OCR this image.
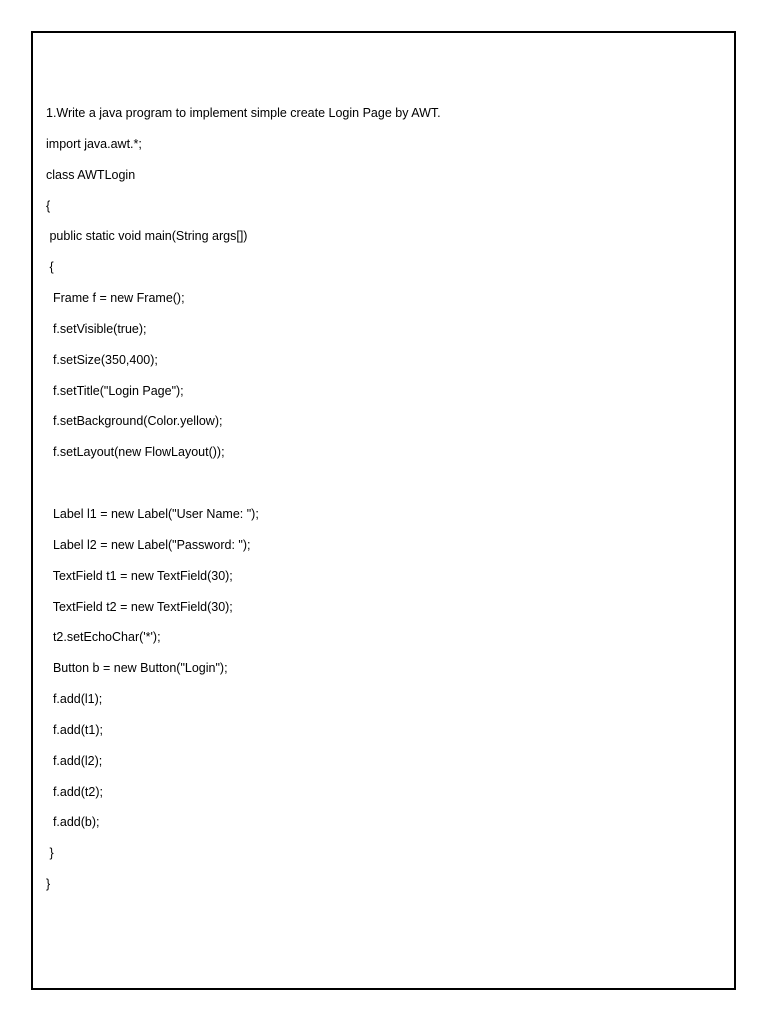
1.Write a java program to implement simple create Login Page by AWT.
import java.awt.*;
class AWTLogin
{
public static void main(String args[])
{
Frame f = new Frame();
f.setVisible(true);
f.setSize(350,400);
f.setTitle("Login Page");
f.setBackground(Color.yellow);
f.setLayout(new FlowLayout());
Label l1 = new Label("User Name: ");
Label l2 = new Label("Password: ");
TextField t1 = new TextField(30);
TextField t2 = new TextField(30);
t2.setEchoChar('*');
Button b = new Button("Login");
f.add(l1);
f.add(t1);
f.add(l2);
f.add(t2);
f.add(b);
}
}
